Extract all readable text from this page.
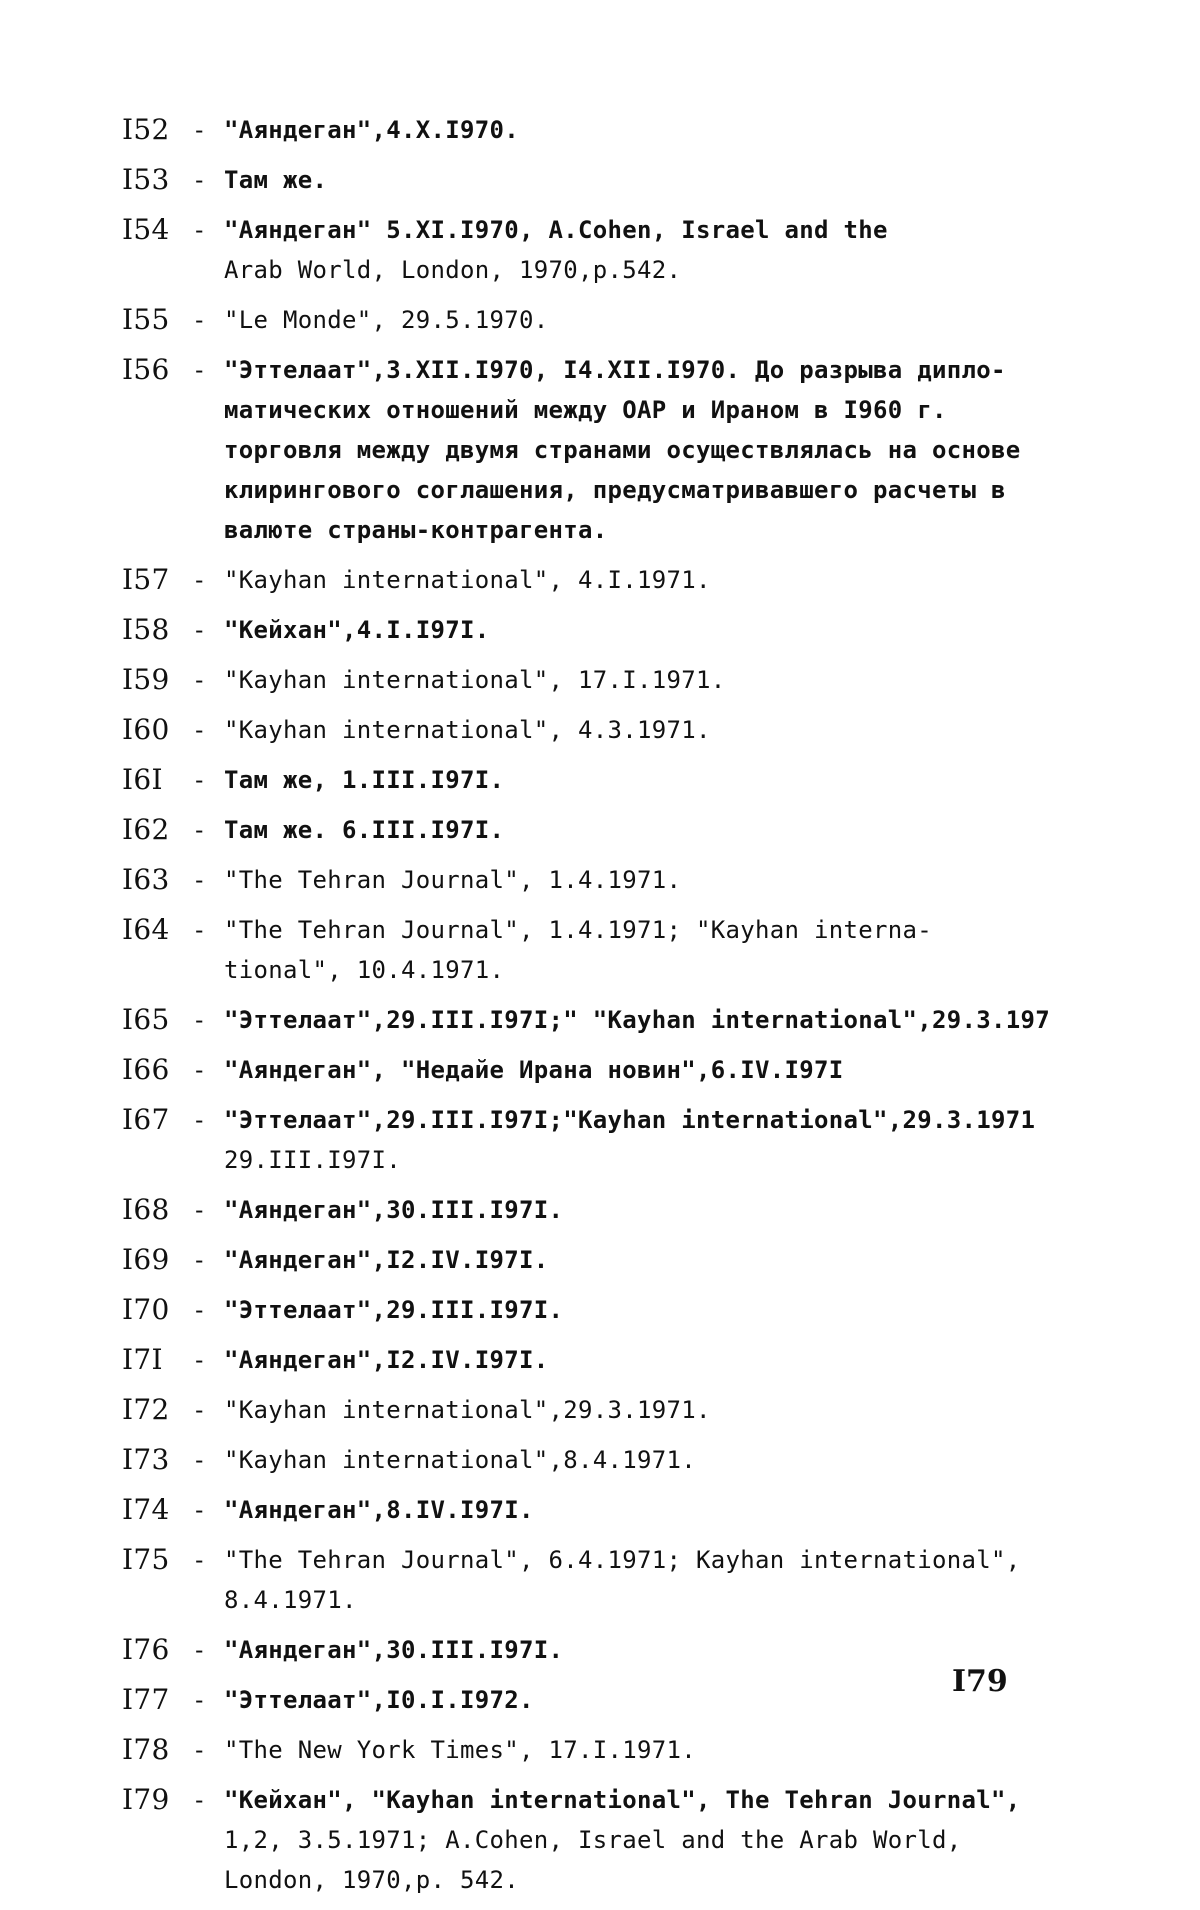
I52 - "Аяндеган",4.X.I970.
I53 - Там же.
I54 - "Аяндеган" 5.XI.I970, A.Cohen, Israel and the
Arab World, London, 1970,p.542.
I55 - "Le Monde", 29.5.1970.
I56 - "Эттелаат",3.XII.I970, I4.XII.I970. До разрыва дипло-
матических отношений между ОАР и Ираном в I960 г. торговля между двумя странами осуществлялась на основе клирингового соглашения, предусматривавшего расчеты в валюте страны-контрагента.
I57 - "Kayhan international", 4.I.1971.
I58 - "Кейхан",4.I.I97I.
I59 - "Kayhan international", 17.I.1971.
I60 - "Kayhan international", 4.3.1971.
I6I	- Там же, 1.III.I97I.
I62 - Там же. 6.III.I97I.
I63 - "The Tehran Journal", 1.4.1971.
I64 - "The Tehran Journal", 1.4.1971; "Kayhan interna-
tional", 10.4.1971.
I65 - "Эттелаат",29.III.I97I;" "Kayhan international",29.3.197
I66 - "Аяндеган", "Недайе Ирана новин",6.IV.I97I
I67 - "Эттелаат",29.III.I97I;"Kayhan international",29.3.1971
29.III.I97I.
I68 - "Аяндеган",30.III.I97I.
I69 - "Аяндеган",I2.IV.I97I.
I70 - "Эттелаат",29.III.I97I.
I7I	- "Аяндеган",I2.IV.I97I.
I72 - "Kayhan international",29.3.1971.
I73 - "Kayhan international",8.4.1971.
I74 - "Аяндеган",8.IV.I97I.
I75 - "The Tehran Journal", 6.4.1971; Kayhan international",
8.4.1971.
I76 - "Аяндеган",30.III.I97I.
I77 - "Эттелаат",I0.I.I972.
I78 - "The New York Times", 17.I.1971.
I79 - "Кейхан", "Kayhan international", The Tehran Journal",
1,2, 3.5.1971; A.Cohen, Israel and the Arab World, London, 1970,p. 542.
I79
